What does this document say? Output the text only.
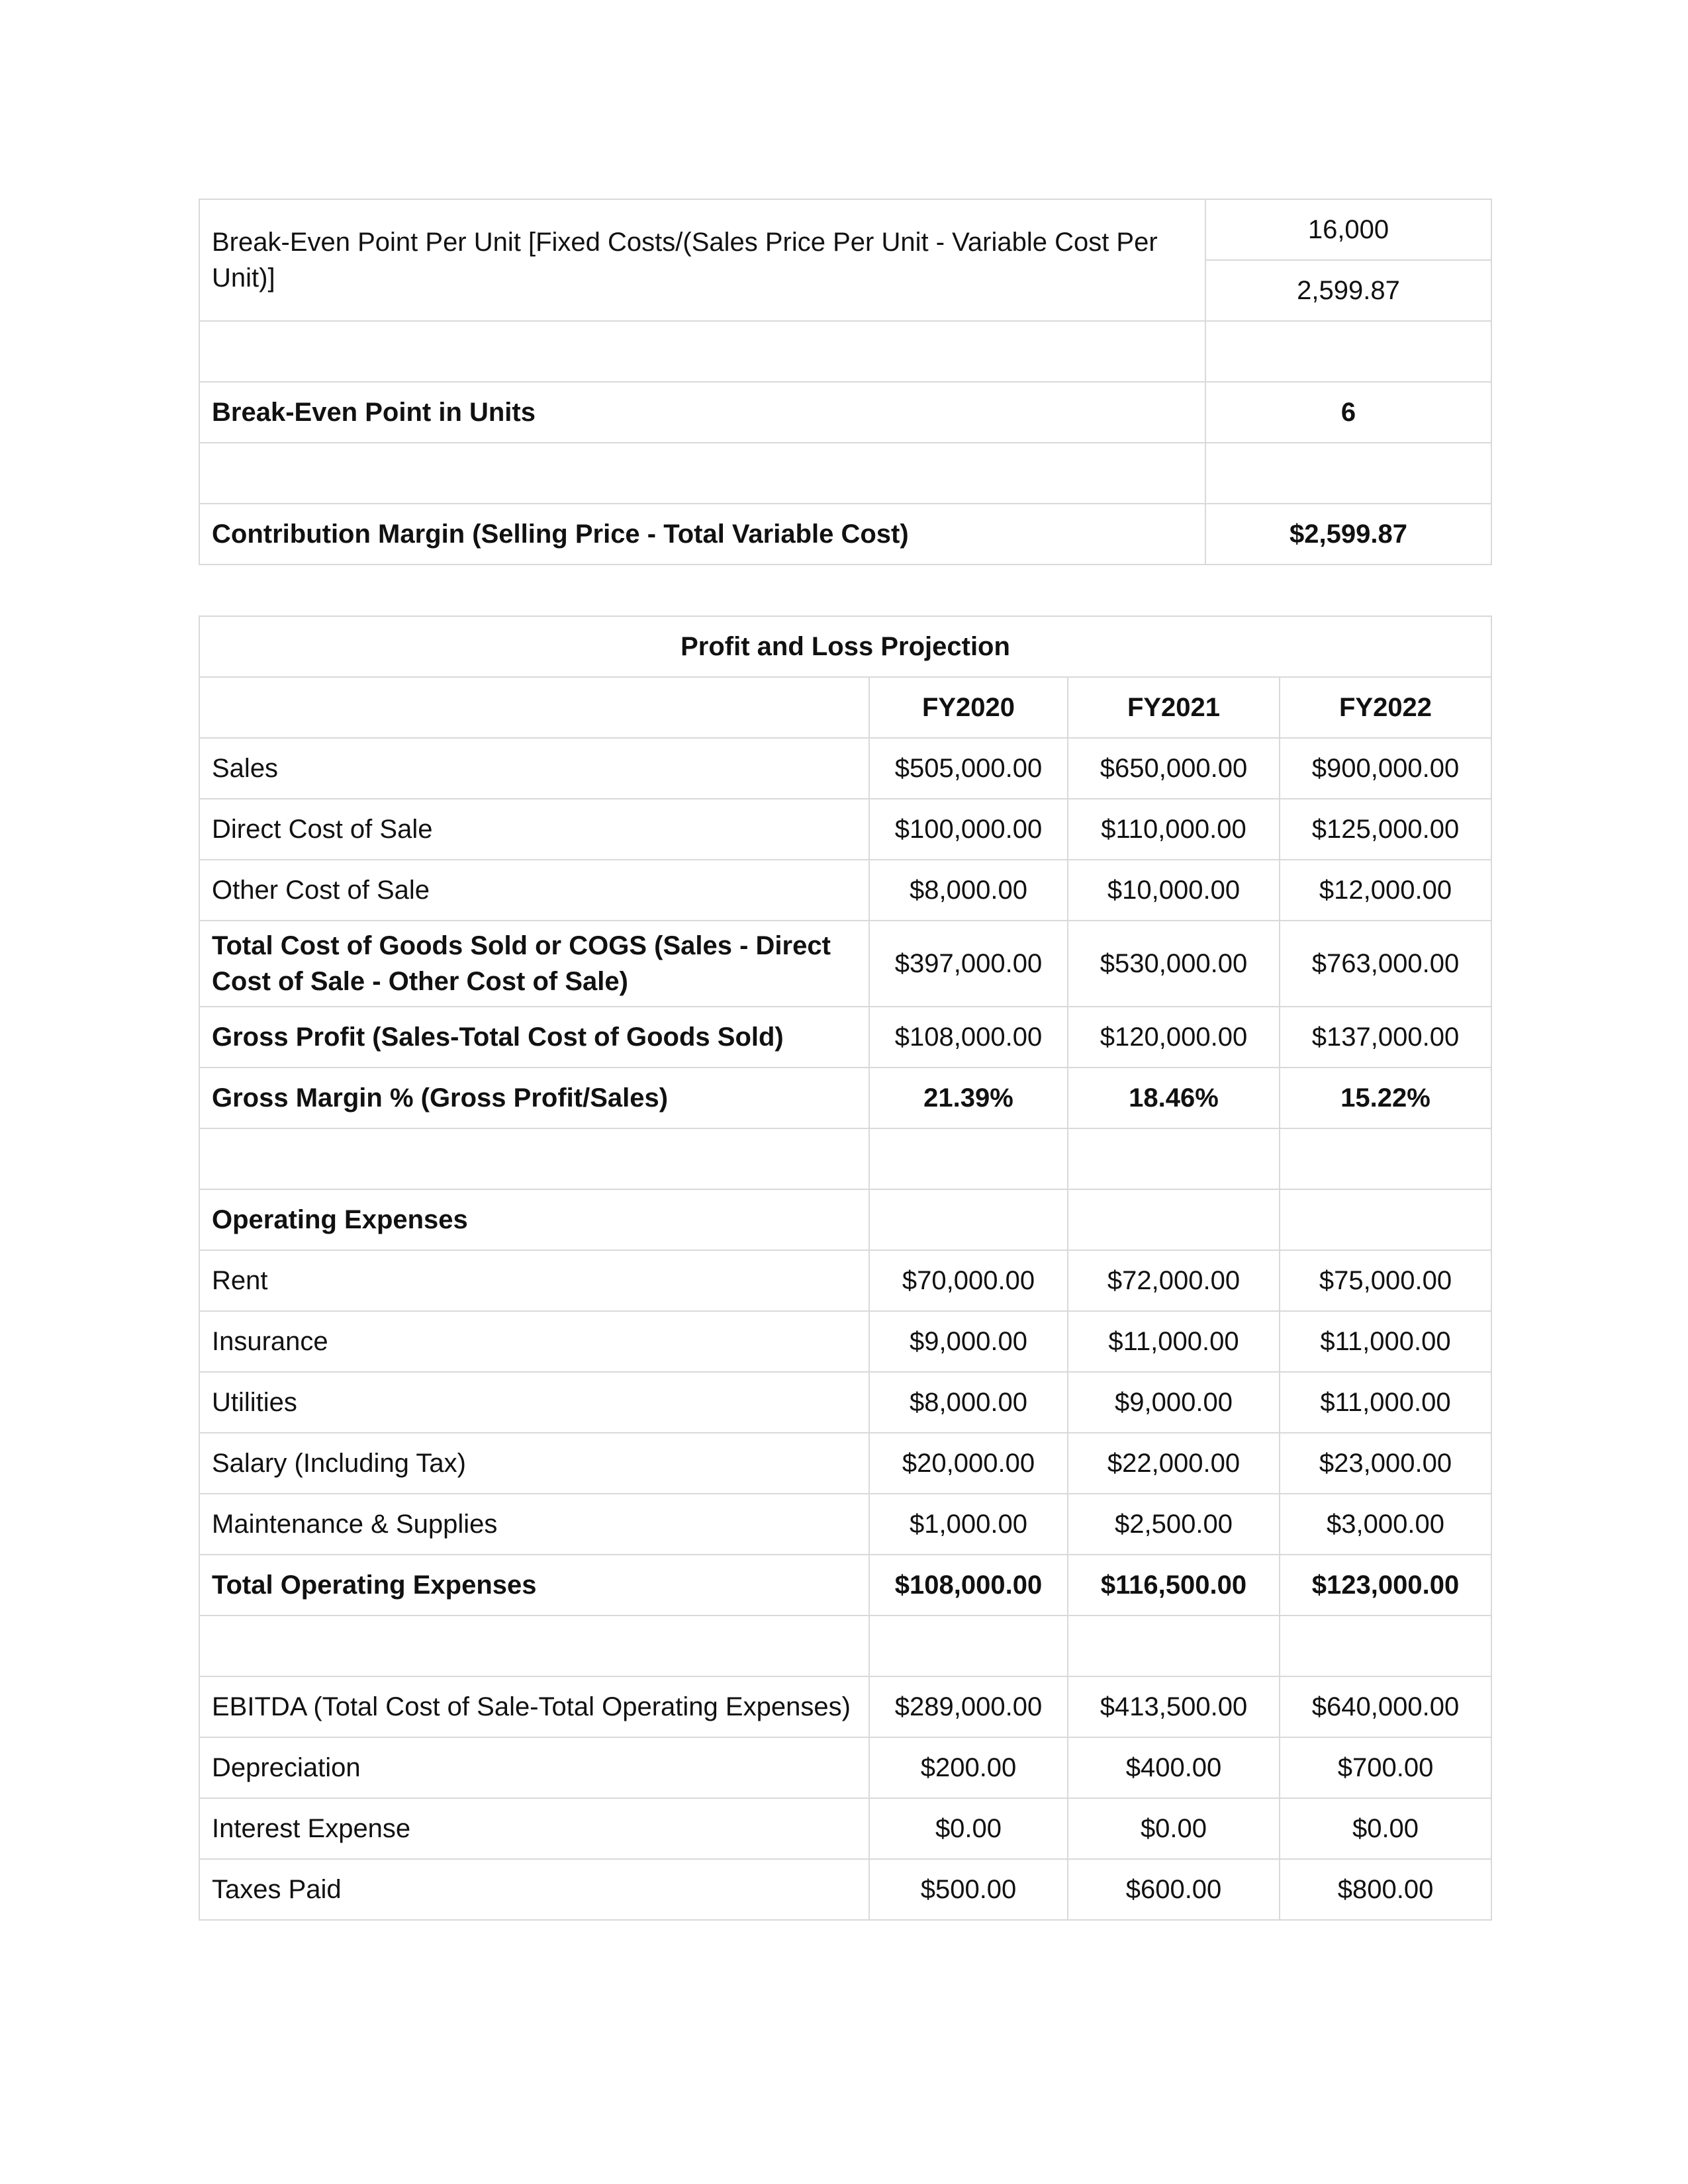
Break-Even Point Per Unit [Fixed Costs/(Sales Price Per Unit - Variable Cost Per Unit)]	16,000
	2,599.87

Break-Even Point in Units	6

Contribution Margin (Selling Price - Total Variable Cost)	$2,599.87
Profit and Loss Projection			
	FY2020	FY2021	FY2022
Sales	$505,000.00	$650,000.00	$900,000.00
Direct Cost of Sale	$100,000.00	$110,000.00	$125,000.00
Other Cost of Sale	$8,000.00	$10,000.00	$12,000.00
Total Cost of Goods Sold or COGS (Sales - Direct Cost of Sale - Other Cost of Sale)	$397,000.00	$530,000.00	$763,000.00
Gross Profit (Sales-Total Cost of Goods Sold)	$108,000.00	$120,000.00	$137,000.00
Gross Margin % (Gross Profit/Sales)	21.39%	18.46%	15.22%

Operating Expenses			
Rent	$70,000.00	$72,000.00	$75,000.00
Insurance	$9,000.00	$11,000.00	$11,000.00
Utilities	$8,000.00	$9,000.00	$11,000.00
Salary (Including Tax)	$20,000.00	$22,000.00	$23,000.00
Maintenance & Supplies	$1,000.00	$2,500.00	$3,000.00
Total Operating Expenses	$108,000.00	$116,500.00	$123,000.00

EBITDA (Total Cost of Sale-Total Operating Expenses)	$289,000.00	$413,500.00	$640,000.00
Depreciation	$200.00	$400.00	$700.00
Interest Expense	$0.00	$0.00	$0.00
Taxes Paid	$500.00	$600.00	$800.00
